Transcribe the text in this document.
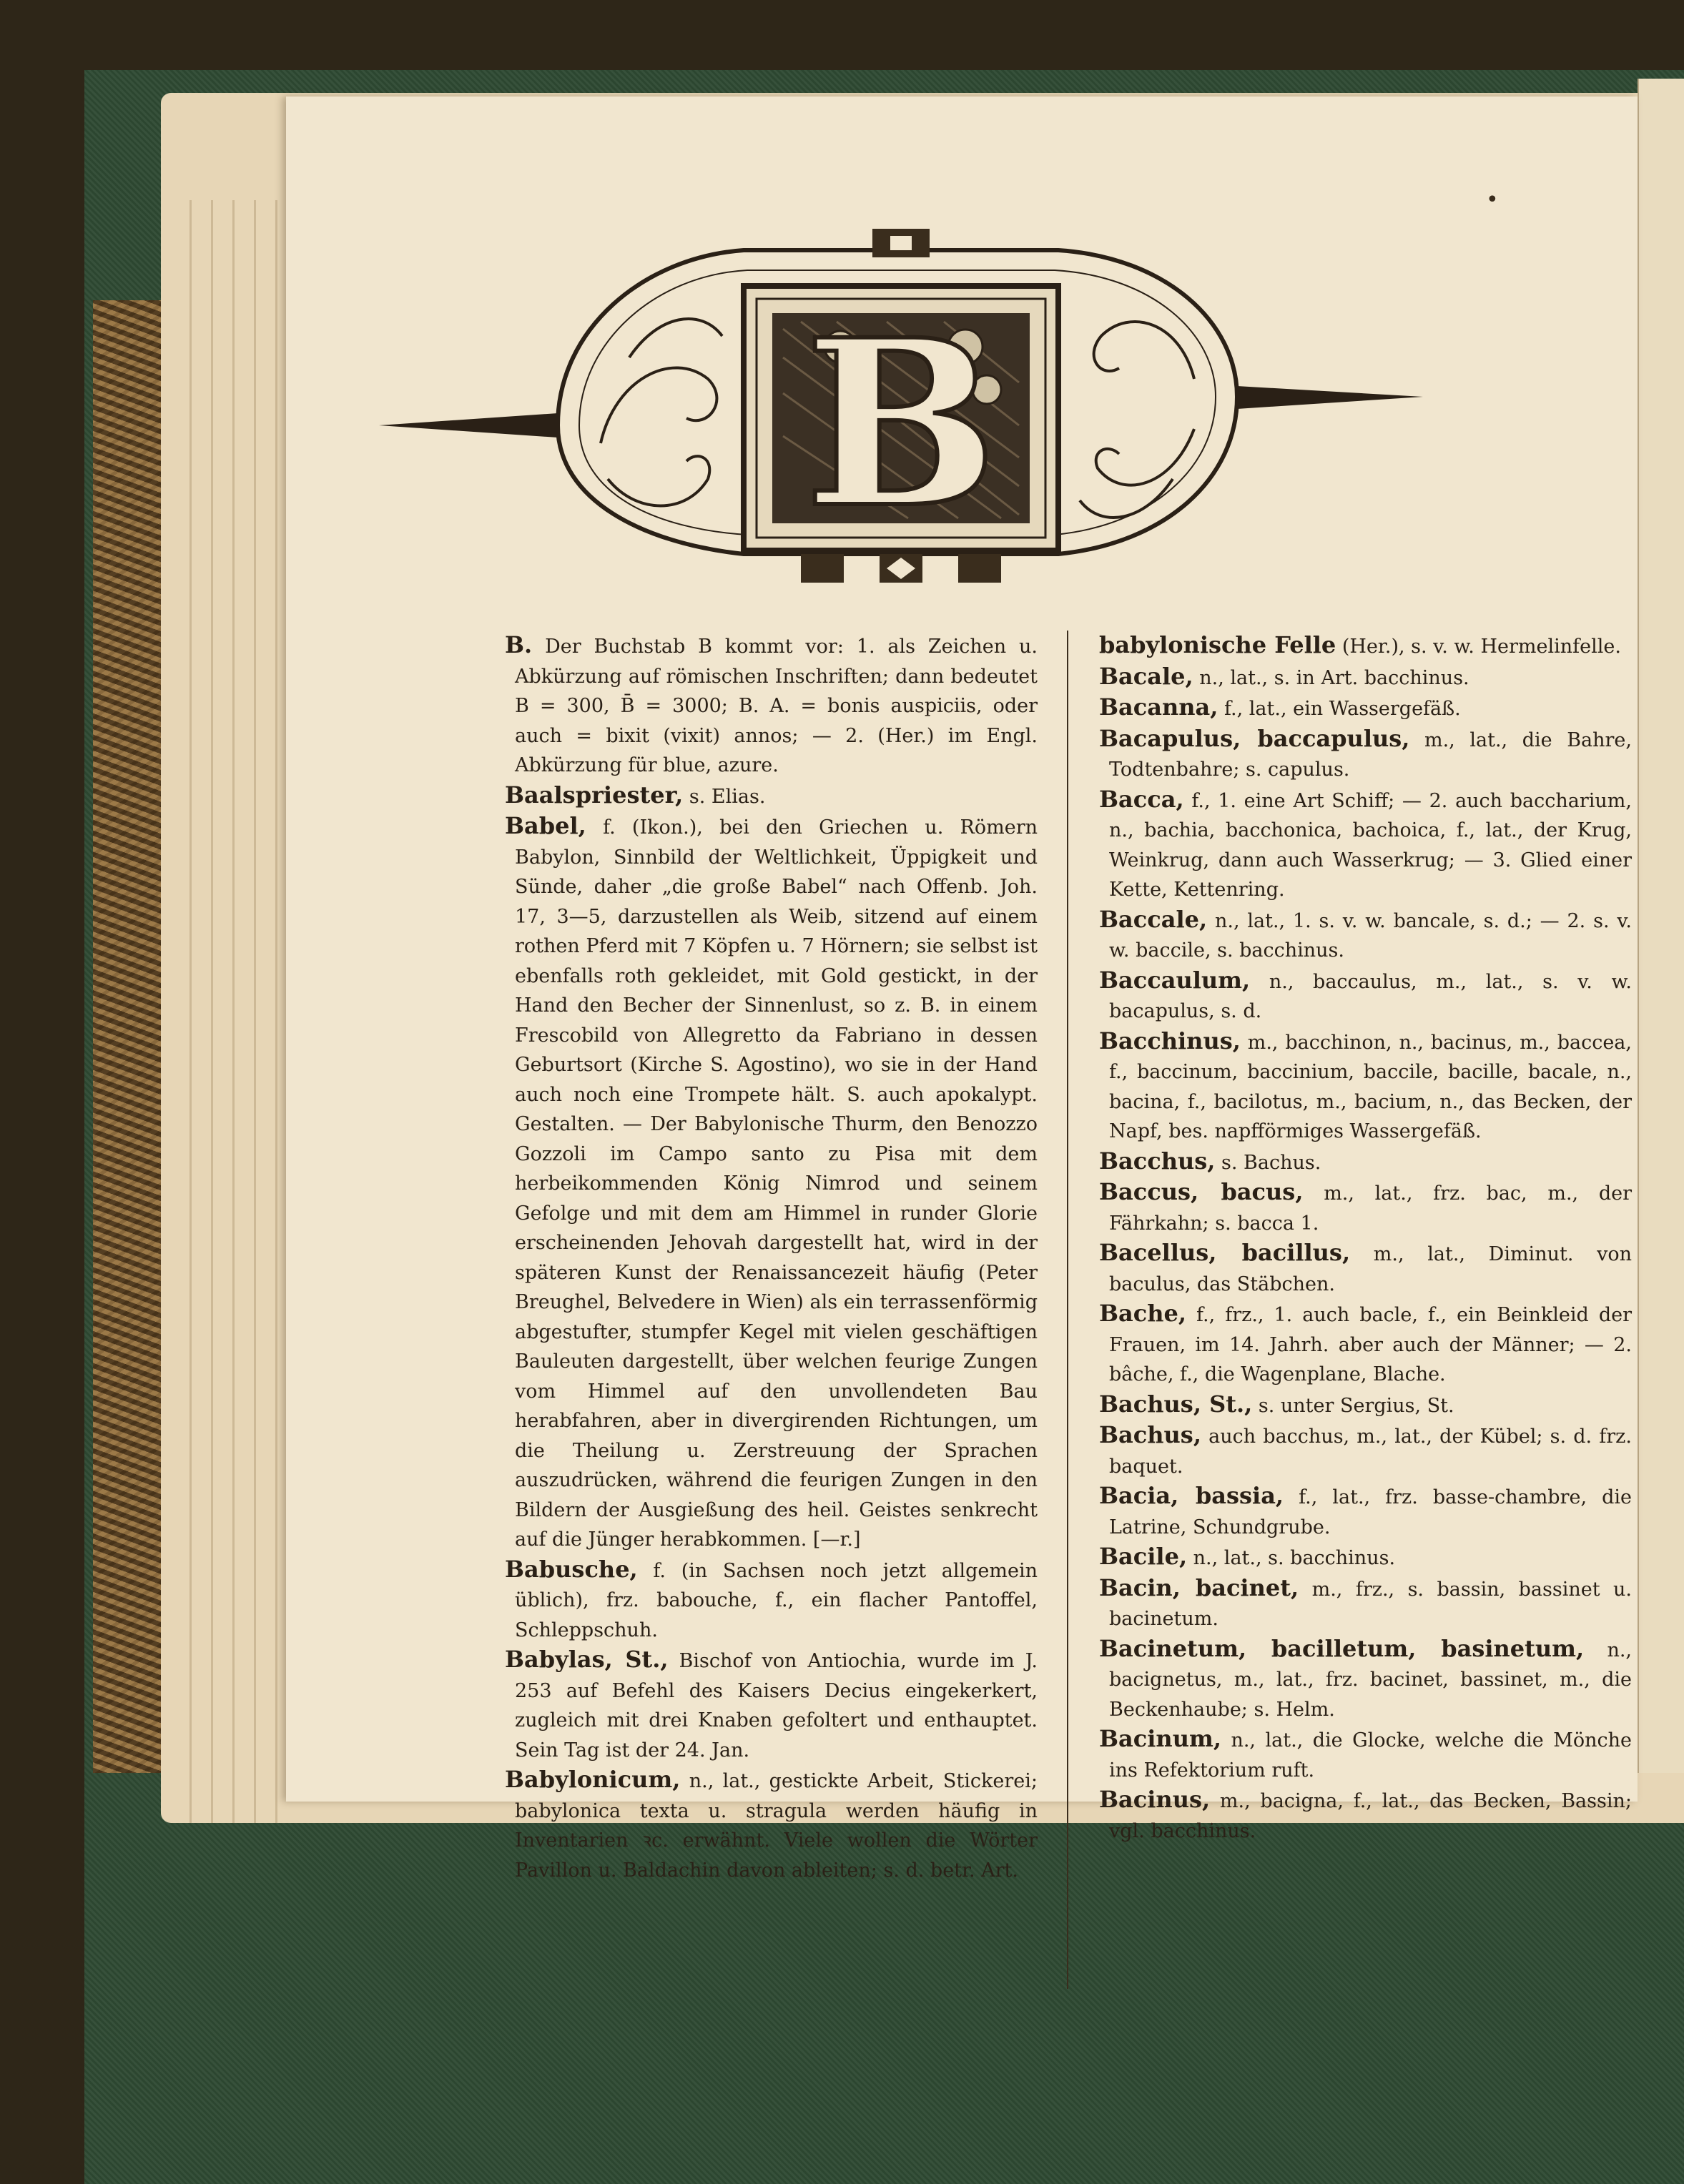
•
B

B. Der Buchstab B kommt vor: 1. als Zeichen u. Abkürzung auf römischen Inschriften; dann bedeutet B = 300, B̄ = 3000; B. A. = bonis auspiciis, oder auch = bixit (vixit) annos; — 2. (Her.) im Engl. Abkürzung für blue, azure.

Baalspriester, s. Elias.

Babel, f. (Ikon.), bei den Griechen u. Römern Babylon, Sinnbild der Weltlichkeit, Üppigkeit und Sünde, daher „die große Babel“ nach Offenb. Joh. 17, 3—5, darzustellen als Weib, sitzend auf einem rothen Pferd mit 7 Köpfen u. 7 Hörnern; sie selbst ist ebenfalls roth gekleidet, mit Gold gestickt, in der Hand den Becher der Sinnenlust, so z. B. in einem Frescobild von Allegretto da Fabriano in dessen Geburtsort (Kirche S. Agostino), wo sie in der Hand auch noch eine Trompete hält. S. auch apokalypt. Gestalten. — Der Babylonische Thurm, den Benozzo Gozzoli im Campo santo zu Pisa mit dem herbeikommenden König Nimrod und seinem Gefolge und mit dem am Himmel in runder Glorie erscheinenden Jehovah dargestellt hat, wird in der späteren Kunst der Renaissancezeit häufig (Peter Breughel, Belvedere in Wien) als ein terrassenförmig abgestufter, stumpfer Kegel mit vielen geschäftigen Bauleuten dargestellt, über welchen feurige Zungen vom Himmel auf den unvollendeten Bau herabfahren, aber in divergirenden Richtungen, um die Theilung u. Zerstreuung der Sprachen auszudrücken, während die feurigen Zungen in den Bildern der Ausgießung des heil. Geistes senkrecht auf die Jünger herabkommen. [—r.]

Babusche, f. (in Sachsen noch jetzt allgemein üblich), frz. babouche, f., ein flacher Pantoffel, Schleppschuh.

Babylas, St., Bischof von Antiochia, wurde im J. 253 auf Befehl des Kaisers Decius eingekerkert, zugleich mit drei Knaben gefoltert und enthauptet. Sein Tag ist der 24. Jan.

Babylonicum, n., lat., gestickte Arbeit, Stickerei; babylonica texta u. stragula werden häufig in Inventarien ꝛc. erwähnt. Viele wollen die Wörter Pavillon u. Baldachin davon ableiten; s. d. betr. Art.

babylonische Felle (Her.), s. v. w. Hermelinfelle.

Bacale, n., lat., s. in Art. bacchinus.

Bacanna, f., lat., ein Wassergefäß.

Bacapulus, baccapulus, m., lat., die Bahre, Todtenbahre; s. capulus.

Bacca, f., 1. eine Art Schiff; — 2. auch baccharium, n., bachia, bacchonica, bachoica, f., lat., der Krug, Weinkrug, dann auch Wasserkrug; — 3. Glied einer Kette, Kettenring.

Baccale, n., lat., 1. s. v. w. bancale, s. d.; — 2. s. v. w. baccile, s. bacchinus.

Baccaulum, n., baccaulus, m., lat., s. v. w. bacapulus, s. d.

Bacchinus, m., bacchinon, n., bacinus, m., baccea, f., baccinum, baccinium, baccile, bacille, bacale, n., bacina, f., bacilotus, m., bacium, n., das Becken, der Napf, bes. napfförmiges Wassergefäß.

Bacchus, s. Bachus.

Baccus, bacus, m., lat., frz. bac, m., der Fährkahn; s. bacca 1.

Bacellus, bacillus, m., lat., Diminut. von baculus, das Stäbchen.

Bache, f., frz., 1. auch bacle, f., ein Beinkleid der Frauen, im 14. Jahrh. aber auch der Männer; — 2. bâche, f., die Wagenplane, Blache.

Bachus, St., s. unter Sergius, St.

Bachus, auch bacchus, m., lat., der Kübel; s. d. frz. baquet.

Bacia, bassia, f., lat., frz. basse-chambre, die Latrine, Schundgrube.

Bacile, n., lat., s. bacchinus.

Bacin, bacinet, m., frz., s. bassin, bassinet u. bacinetum.

Bacinetum, bacilletum, basinetum, n., bacignetus, m., lat., frz. bacinet, bassinet, m., die Beckenhaube; s. Helm.

Bacinum, n., lat., die Glocke, welche die Mönche ins Refektorium ruft.

Bacinus, m., bacigna, f., lat., das Becken, Bassin; vgl. bacchinus.
